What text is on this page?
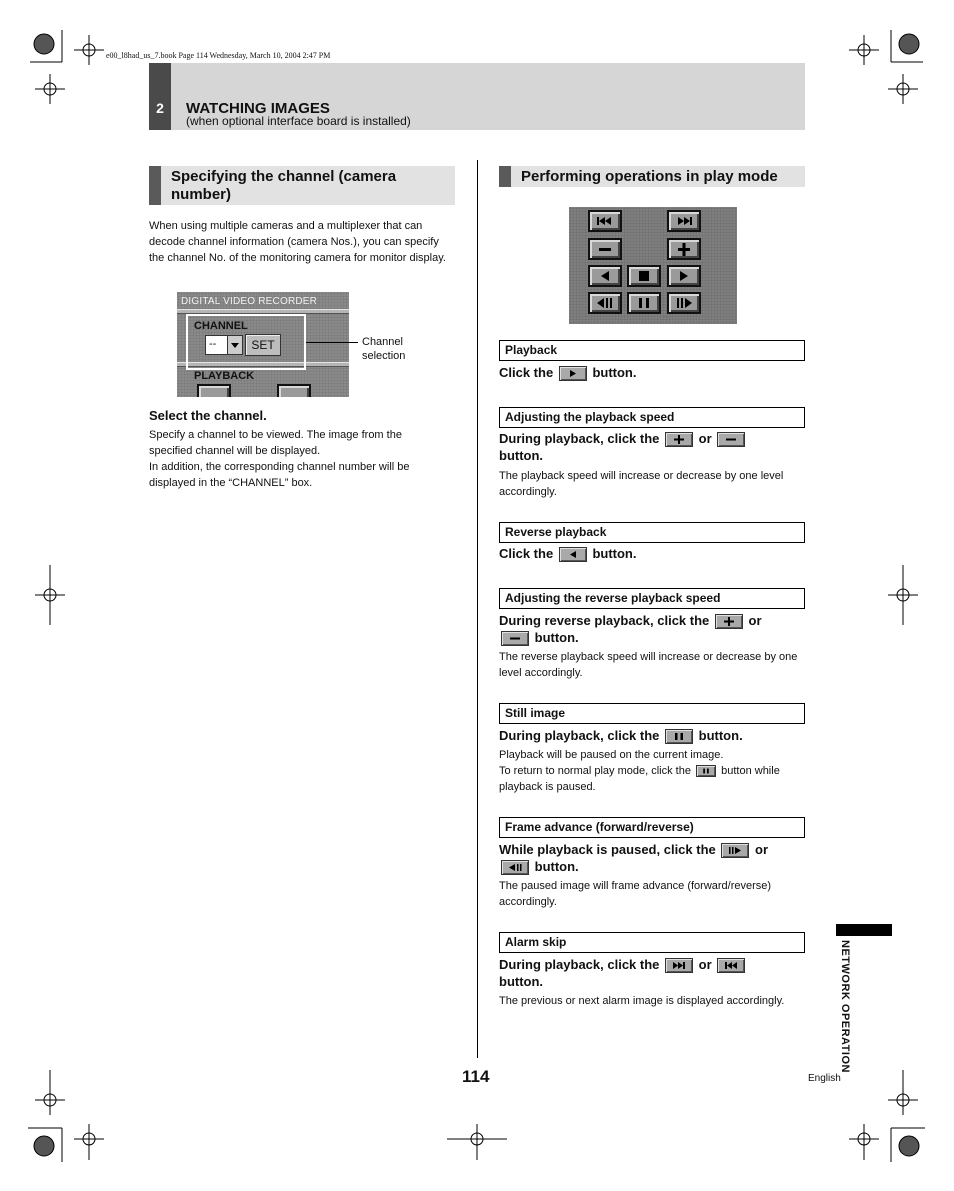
e00_l8had_us_7.book Page 114 Wednesday, March 10, 2004 2:47 PM
2	WATCHING IMAGES
(when optional interface board is installed)
Specifying the channel (camera number)
When using multiple cameras and a multiplexer that can decode channel information (camera Nos.), you can specify the channel No. of the monitoring camera for monitor display.
DIGITAL VIDEO RECORDER
CHANNEL
--	SET
PLAYBACK
Channel
selection
Select the channel.
Specify a channel to be viewed. The image from the specified channel will be displayed.
In addition, the corresponding channel number will be displayed in the “CHANNEL” box.
Performing operations in play mode
Playback
Click the	button.
Adjusting the playback speed
During playback, click the	or

button.
The playback speed will increase or decrease by one level accordingly.
Reverse playback
Click the	button.
Adjusting the reverse playback speed
During reverse playback, click the	or

button.
The reverse playback speed will increase or decrease by one level accordingly.
Still image
During playback, click the	button.
Playback will be paused on the current image.
To return to normal play mode, click the	button while playback is paused.
Frame advance (forward/reverse)
While playback is paused, click the	or

button.
The paused image will frame advance (forward/reverse) accordingly.
Alarm skip
During playback, click the	or

button.
The previous or next alarm image is displayed accordingly.
114	English
NETWORK OPERATION
